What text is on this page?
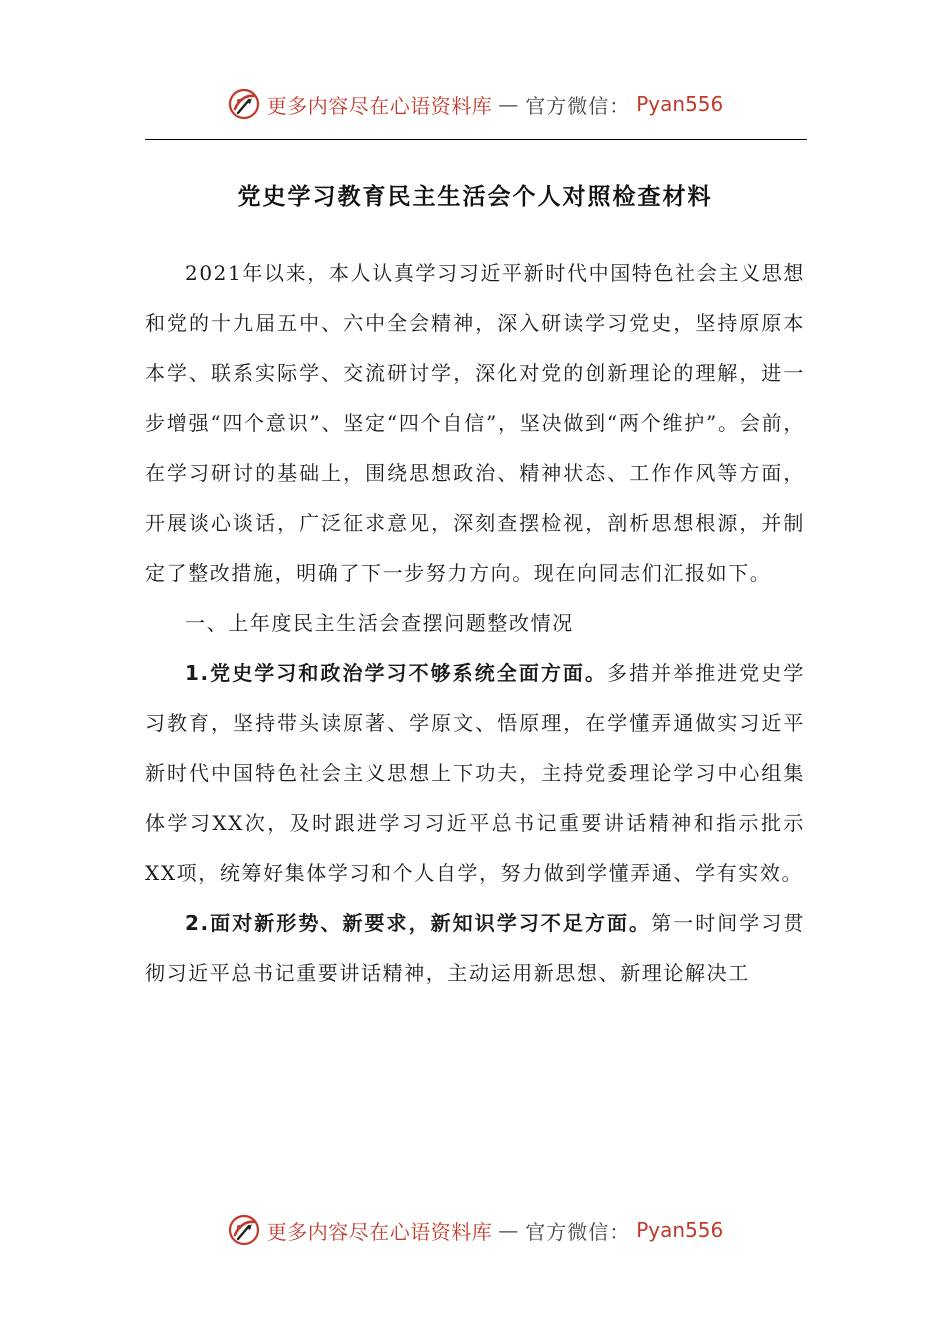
更多内容尽在心语资料库 — 官方微信： Pyan556
党史学习教育民主生活会个人对照检查材料

2021年以来，本人认真学习习近平新时代中国特色社会主义思想和党的十九届五中、六中全会精神，深入研读学习党史，坚持原原本本学、联系实际学、交流研讨学，深化对党的创新理论的理解，进一步增强“四个意识”、坚定“四个自信”，坚决做到“两个维护”。会前，在学习研讨的基础上，围绕思想政治、精神状态、工作作风等方面，开展谈心谈话，广泛征求意见，深刻查摆检视，剖析思想根源，并制定了整改措施，明确了下一步努力方向。现在向同志们汇报如下。

一、上年度民主生活会查摆问题整改情况

1.党史学习和政治学习不够系统全面方面。多措并举推进党史学习教育，坚持带头读原著、学原文、悟原理，在学懂弄通做实习近平新时代中国特色社会主义思想上下功夫，主持党委理论学习中心组集体学习XX次，及时跟进学习习近平总书记重要讲话精神和指示批示XX项，统筹好集体学习和个人自学，努力做到学懂弄通、学有实效。

2.面对新形势、新要求，新知识学习不足方面。第一时间学习贯彻习近平总书记重要讲话精神，主动运用新思想、新理论解决工

更多内容尽在心语资料库 — 官方微信： Pyan556
